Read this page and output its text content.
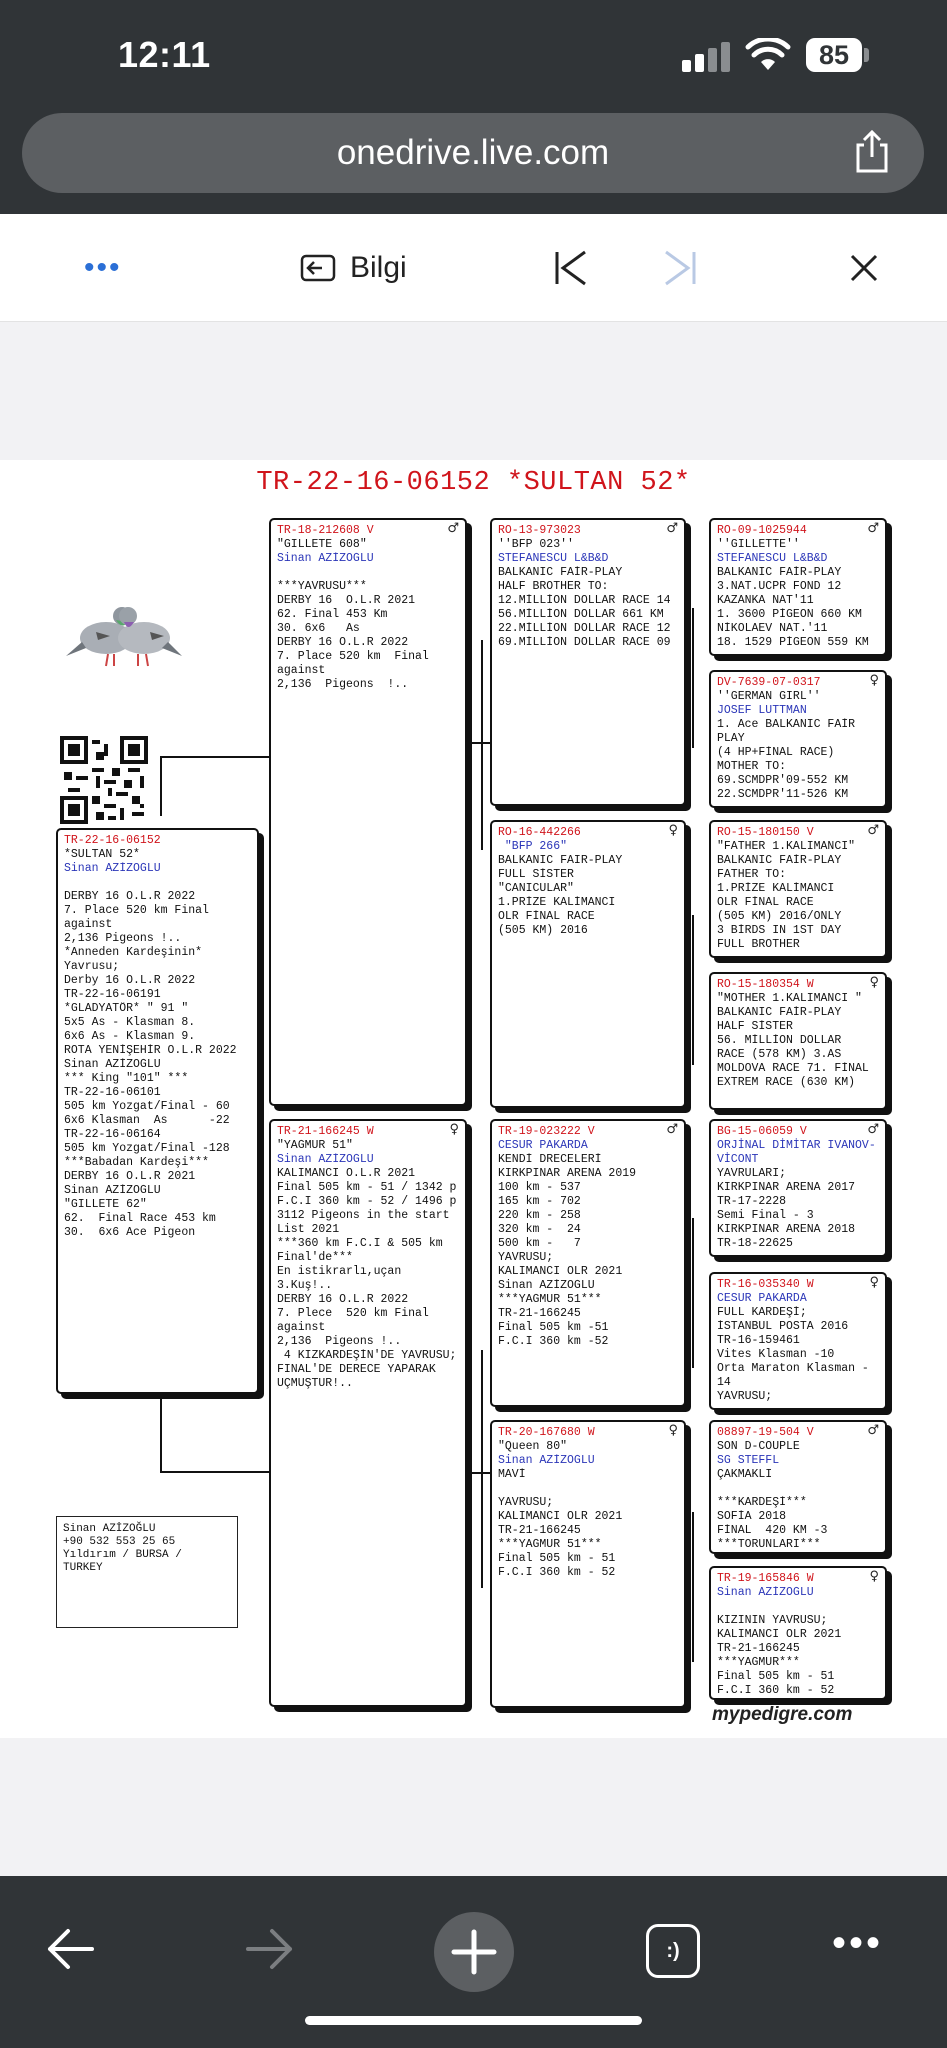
12:11	85
onedrive.live.com
•••	Bilgi
TR-22-16-06152 *SULTAN 52*
TR-22-16-06152
*SULTAN 52*
Sinan AZİZOĞLU
DERBY 16 O.L.R 2022
7. Place 520 km Final
against
2,136 Pigeons !..
*Anneden Kardeşinin*
Yavrusu;
Derby 16 O.L.R 2022
TR-22-16-06191
*GLADYATÖR* " 91 "
5x5 As - Klasman 8.
6x6 As - Klasman 9.
ROTA YENİŞEHİR O.L.R 2022
Sinan AZİZOĞLU
*** King "101" ***
TR-22-16-06101
505 km Yozgat/Final - 60
6x6 Klasman  As      -22
TR-22-16-06164
505 km Yozgat/Final -128
***Babadan Kardeşi***
DERBY 16 O.L.R 2021
Sinan AZİZOĞLU
"GILLETE 62"
62.  Final Race 453 km
30.  6x6 Ace Pigeon
♂
TR-18-212608 V
"GILLETE 608"
Sinan AZİZOĞLU

***YAVRUSU***
DERBY 16  O.L.R 2021
62. Final 453 Km
30. 6x6   As
DERBY 16 O.L.R 2022
7. Place 520 km  Final
against
2,136  Pigeons  !..
♀
TR-21-166245 W
"YAĞMUR 51"
Sinan AZİZOĞLU
KALIMANCI O.L.R 2021
Final 505 km - 51 / 1342 p
F.C.I 360 km - 52 / 1496 p
3112 Pigeons in the start
List 2021
***360 km F.C.I & 505 km
Final'de***
En istikrarlı,uçan
3.Kuş!..
DERBY 16 O.L.R 2022
7. Plece  520 km Final
against
2,136  Pigeons !..
4 KIZKARDEŞİN'DE YAVRUSU;
FINAL'DE DERECE YAPARAK
UÇMUŞTUR!..
♂
RO-13-973023
''BFP 023''
STEFANESCU L&B&D
BALKANIC FAİR-PLAY
HALF BROTHER TO:
12.MİLLİON DOLLAR RACE 14
56.MİLLİON DOLLAR 661 KM
22.MİLLİON DOLLAR RACE 12
69.MİLLİON DOLLAR RACE 09
♀
RO-16-442266
"BFP 266"
BALKANIC FAIR-PLAY
FULL SİSTER
"CANICULAR"
1.PRİZE KALİMANCI
OLR FİNAL RACE
(505 KM) 2016
♂
TR-19-023222 V
CESUR PAKARDA
KENDİ DRECELERİ
KIRKPINAR ARENA 2019
100 km - 537
165 km - 702
220 km - 258
320 km -  24
500 km -   7
YAVRUSU;
KALIMANCI OLR 2021
Sinan AZİZOĞLU
***YAĞMUR 51***
TR-21-166245
Final 505 km -51
F.C.I 360 km -52
♀
TR-20-167680 W
"Queen 80"
Sinan AZİZOĞLU
MAVİ

YAVRUSU;
KALIMANCI OLR 2021
TR-21-166245
***YAĞMUR 51***
Final 505 km - 51
F.C.I 360 km - 52
♂
RO-09-1025944
''GILLETTE''
STEFANESCU L&B&D
BALKANIC FAİR-PLAY
3.NAT.UCPR FOND 12
KAZANKA NAT'11
1. 3600 PİGEON 660 KM
NİKOLAEV NAT.'11
18. 1529 PİGEON 559 KM
♀
DV-7639-07-0317
''GERMAN GIRL''
JOSEF LUTTMAN
1. Ace BALKANIC FAİR
PLAY
(4 HP+FİNAL RACE)
MOTHER TO:
69.SCMDPR'09-552 KM
22.SCMDPR'11-526 KM
♂
RO-15-180150 V
"FATHER 1.KALIMANCI"
BALKANIC FAİR-PLAY
FATHER TO:
1.PRİZE KALİMANCI
OLR FİNAL RACE
(505 KM) 2016/ONLY
3 BİRDS IN 1ST DAY
FULL BROTHER
♀
RO-15-180354 W
"MOTHER 1.KALIMANCI "
BALKANIC FAİR-PLAY
HALF SİSTER
56. MİLLİON DOLLAR
RACE (578 KM) 3.AS
MOLDOVA RACE 71. FİNAL
EXTREM RACE (630 KM)
♂
BG-15-06059 V
ORJİNAL DİMİTAR IVANOV-VİCONT
YAVRULARI;
KIRKPINAR ARENA 2017
TR-17-2228
Semi Final - 3
KIRKPINAR ARENA 2018
TR-18-22625
♀
TR-16-035340 W
CESUR PAKARDA
FULL KARDEŞİ;
İSTANBUL POSTA 2016
TR-16-159461
Vites Klasman -10
Orta Maraton Klasman -
14
YAVRUSU;
♂
08897-19-504 V
SON D-COUPLE
SG STEFFL
ÇAKMAKLI

***KARDEŞİ***
SOFİA 2018
FİNAL  420 KM -3
***TORUNLARI***
♀
TR-19-165846 W
Sinan AZİZOĞLU

KIZININ YAVRUSU;
KALIMANCI OLR 2021
TR-21-166245
***YAĞMUR***
Final 505 km - 51
F.C.I 360 km - 52
Sinan AZİZOĞLU
+90 532 553 25 65
Yıldırım / BURSA /
TURKEY
mypedigre.com
:)	•••
